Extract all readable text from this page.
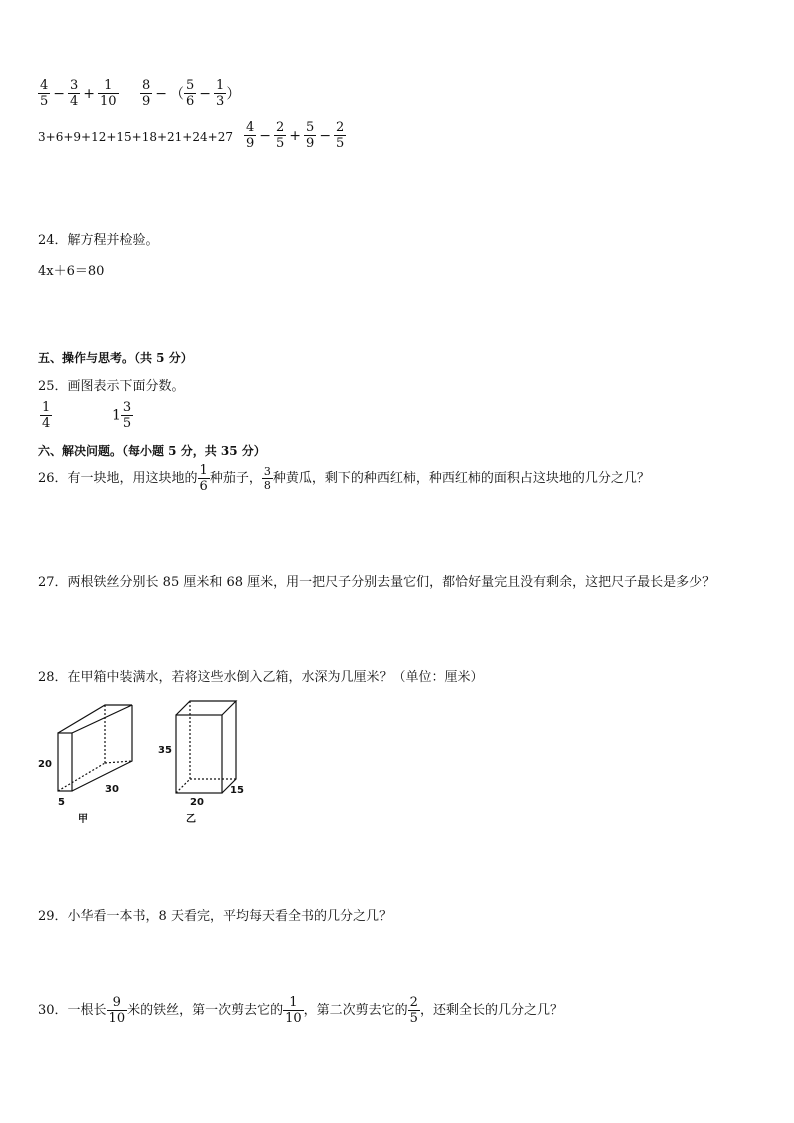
$\frac{4}{5} - \frac{3}{4} + \frac{1}{10} \frac{8}{9}$ − （ $\frac{5}{6} - \frac{1}{3}$ ）
$3+6+9+12+15+18+21+24+27 \frac{4}{9} - \frac{2}{5} + \frac{5}{9} - \frac{2}{5}$
24．解方程并检验。
4x＋6＝80
五、操作与思考。（共 5 分）
25．画图表示下面分数。
$\frac{1}{4}$	$1 \frac{3}{5}$
六、解决问题。（每小题 5 分，共 35 分）
26．有一块地，用这块地的 $\frac{1}{6}$ 种茄子， $\frac{3}{8}$ 种黄瓜，剩下的种西红柿，种西红柿的面积占这块地的几分之几？
27．两根铁丝分别长 85 厘米和 68 厘米，用一把尺子分别去量它们，都恰好量完且没有剩余，这把尺子最长是多少？
28．在甲箱中装满水，若将这些水倒入乙箱，水深为几厘米？（单位：厘米）
20
5
30
甲
35
20
15
乙
29．小华看一本书，8 天看完，平均每天看全书的几分之几？
30．一根长 $\frac{9}{10}$ 米的铁丝，第一次剪去它的 $\frac{1}{10}$ ，第二次剪去它的 $\frac{2}{5}$ ，还剩全长的几分之几？
